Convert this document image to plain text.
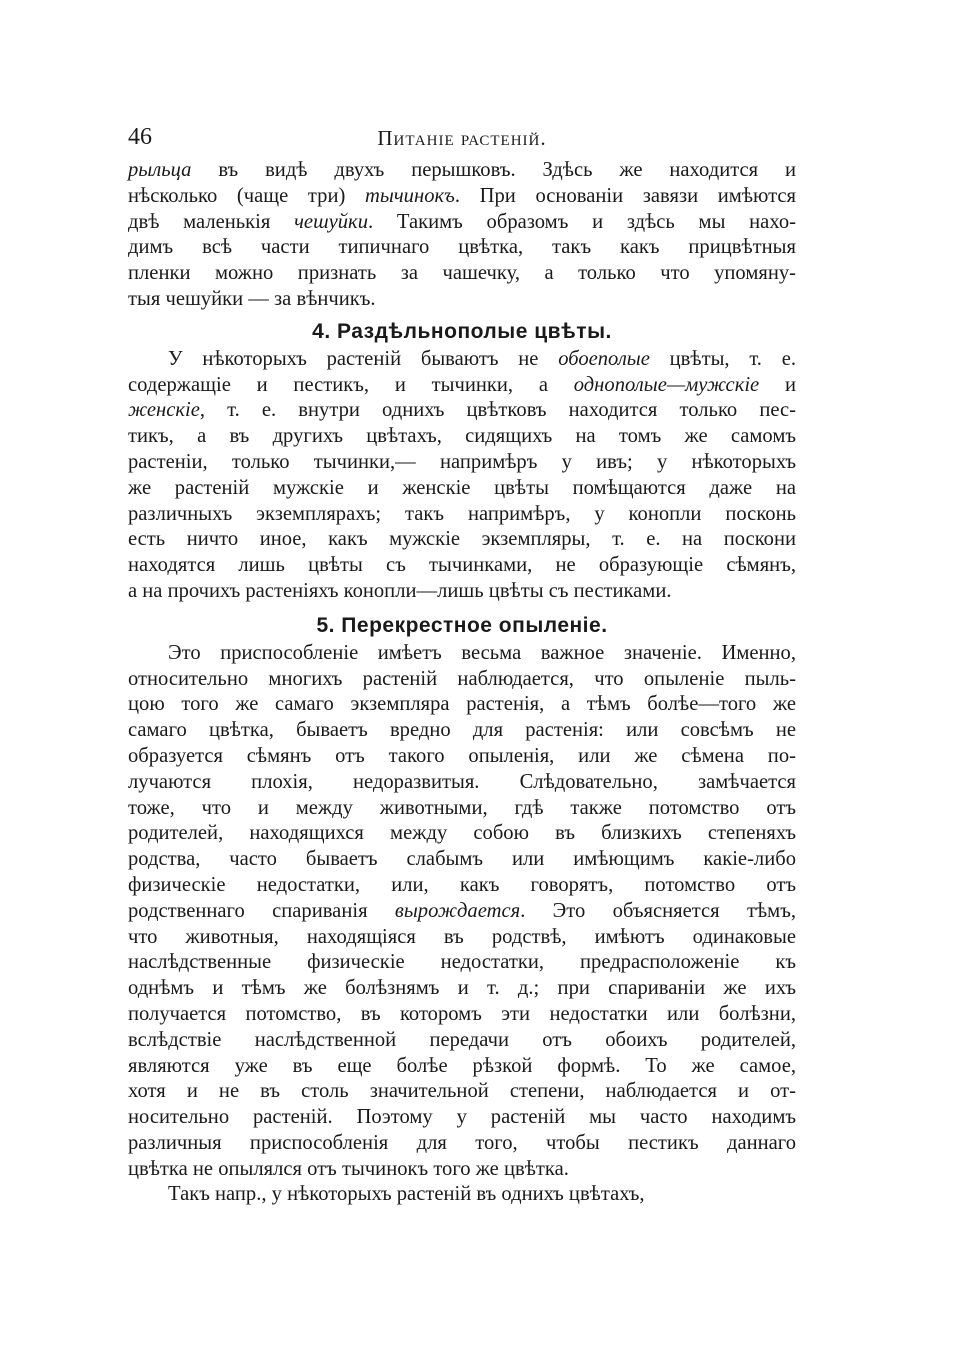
46	Питаніе растеній.
рыльца въ видѣ двухъ перышковъ. Здѣсь же находится и
нѣсколько (чаще три) тычинокъ. При основаніи завязи имѣются
двѣ маленькія чешуйки. Такимъ образомъ и здѣсь мы нахо-
димъ всѣ части типичнаго цвѣтка, такъ какъ прицвѣтныя
пленки можно признать за чашечку, а только что упомяну-
тыя чешуйки — за вѣнчикъ.
4. Раздѣльнополые цвѣты.
У нѣкоторыхъ растеній бываютъ не обоеполые цвѣты, т. е.
содержащіе и пестикъ, и тычинки, а однополые—мужскіе и
женскіе, т. е. внутри однихъ цвѣтковъ находится только пес-
тикъ, а въ другихъ цвѣтахъ, сидящихъ на томъ же самомъ
растеніи, только тычинки,— напримѣръ у ивъ; у нѣкоторыхъ
же растеній мужскіе и женскіе цвѣты помѣщаются даже на
различныхъ экземплярахъ; такъ напримѣръ, у конопли посконь
есть ничто иное, какъ мужскіе экземпляры, т. е. на поскони
находятся лишь цвѣты съ тычинками, не образующіе сѣмянъ,
а на прочихъ растеніяхъ конопли—лишь цвѣты съ пестиками.
5. Перекрестное опыленіе.
Это приспособленіе имѣетъ весьма важное значеніе. Именно,
относительно многихъ растеній наблюдается, что опыленіе пыль-
цою того же самаго экземпляра растенія, а тѣмъ болѣе—того же
самаго цвѣтка, бываетъ вредно для растенія: или совсѣмъ не
образуется сѣмянъ отъ такого опыленія, или же сѣмена по-
лучаются плохія, недоразвитыя. Слѣдовательно, замѣчается
тоже, что и между животными, гдѣ также потомство отъ
родителей, находящихся между собою въ близкихъ степеняхъ
родства, часто бываетъ слабымъ или имѣющимъ какіе-либо
физическіе недостатки, или, какъ говорятъ, потомство отъ
родственнаго спариванія вырождается. Это объясняется тѣмъ,
что животныя, находящіяся въ родствѣ, имѣютъ одинаковые
наслѣдственные физическіе недостатки, предрасположеніе къ
однѣмъ и тѣмъ же болѣзнямъ и т. д.; при спариваніи же ихъ
получается потомство, въ которомъ эти недостатки или болѣзни,
вслѣдствіе наслѣдственной передачи отъ обоихъ родителей,
являются уже въ еще болѣе рѣзкой формѣ. То же самое,
хотя и не въ столь значительной степени, наблюдается и от-
носительно растеній. Поэтому у растеній мы часто находимъ
различныя приспособленія для того, чтобы пестикъ даннаго
цвѣтка не опылялся отъ тычинокъ того же цвѣтка.
Такъ напр., у нѣкоторыхъ растеній въ однихъ цвѣтахъ,
